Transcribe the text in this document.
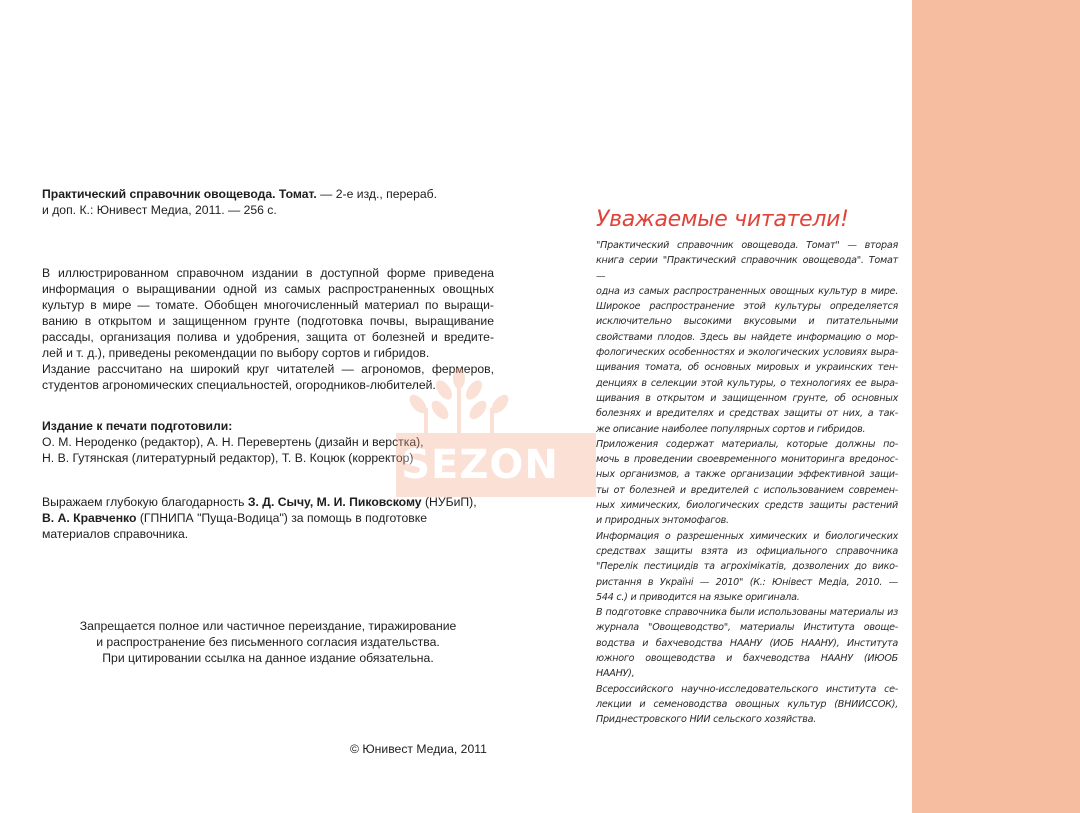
Практический справочник овощевода. Томат. — 2-е изд., перераб.
и доп. К.: Юнивест Медиа, 2011. — 256 с.
В иллюстрированном справочном издании в доступной форме приведена
информация о выращивании одной из самых распространенных овощных
культур в мире — томате. Обобщен многочисленный материал по выращи-
ванию в открытом и защищенном грунте (подготовка почвы, выращивание
рассады, организация полива и удобрения, защита от болезней и вредите-
лей и т. д.), приведены рекомендации по выбору сортов и гибридов.
Издание рассчитано на широкий круг читателей — агрономов, фермеров,
студентов агрономических специальностей, огородников-любителей.
Издание к печати подготовили:
О. М. Нероденко (редактор), А. Н. Перевертень (дизайн и верстка),
Н. В. Гутянская (литературный редактор), Т. В. Коцюк (корректор)
Выражаем глубокую благодарность З. Д. Сычу, М. И. Пиковскому (НУБиП),
В. А. Кравченко (ГПНИПА "Пуща-Водица") за помощь в подготовке
материалов справочника.
Запрещается полное или частичное переиздание, тиражирование
и распространение без письменного согласия издательства.
При цитировании ссылка на данное издание обязательна.
© Юнивест Медиа, 2011
Уважаемые читатели!
"Практический справочник овощевода. Томат" — вторая
книга серии "Практический справочник овощевода". Томат —
одна из самых распространенных овощных культур в мире.
Широкое распространение этой культуры определяется
исключительно высокими вкусовыми и питательными
свойствами плодов. Здесь вы найдете информацию о мор-
фологических особенностях и экологических условиях выра-
щивания томата, об основных мировых и украинских тен-
денциях в селекции этой культуры, о технологиях ее выра-
щивания в открытом и защищенном грунте, об основных
болезнях и вредителях и средствах защиты от них, а так-
же описание наиболее популярных сортов и гибридов.
Приложения содержат материалы, которые должны по-
мочь в проведении своевременного мониторинга вредонос-
ных организмов, а также организации эффективной защи-
ты от болезней и вредителей с использованием современ-
ных химических, биологических средств защиты растений
и природных энтомофагов.
Информация о разрешенных химических и биологических
средствах защиты взята из официального справочника
"Перелік пестицидів та агрохімікатів, дозволених до вико-
ристання в Україні — 2010" (К.: Юнівест Медіа, 2010. —
544 с.) и приводится на языке оригинала.
В подготовке справочника были использованы материалы из
журнала "Овощеводство", материалы Института овоще-
водства и бахчеводства НААНУ (ИОБ НААНУ), Института
южного овощеводства и бахчеводства НААНУ (ИЮОБ НААНУ),
Всероссийского научно-исследовательского института се-
лекции и семеноводства овощных культур (ВНИИССОК),
Приднестровского НИИ сельского хозяйства.
SEZON
